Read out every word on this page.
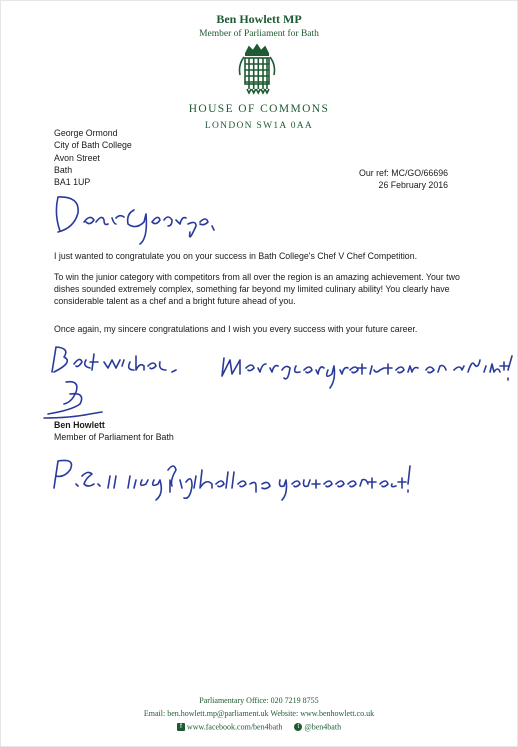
Ben Howlett MP
Member of Parliament for Bath
HOUSE OF COMMONS
LONDON SW1A 0AA
George Ormond
City of Bath College
Avon Street
Bath
BA1 1UP
Our ref: MC/GO/66696
26 February 2016
I just wanted to congratulate you on your success in Bath College's Chef V Chef Competition.
To win the junior category with competitors from all over the region is an amazing achievement. Your two dishes sounded extremely complex, something far beyond my limited culinary ability! You clearly have considerable talent as a chef and a bright future ahead of you.
Once again, my sincere congratulations and I wish you every success with your future career.
Ben Howlett
Member of Parliament for Bath
Parliamentary Office: 020 7219 8755
Email: ben.howlett.mp@parliament.uk Website: www.benhowlett.co.uk
f www.facebook.com/ben4bath	t @ben4bath
